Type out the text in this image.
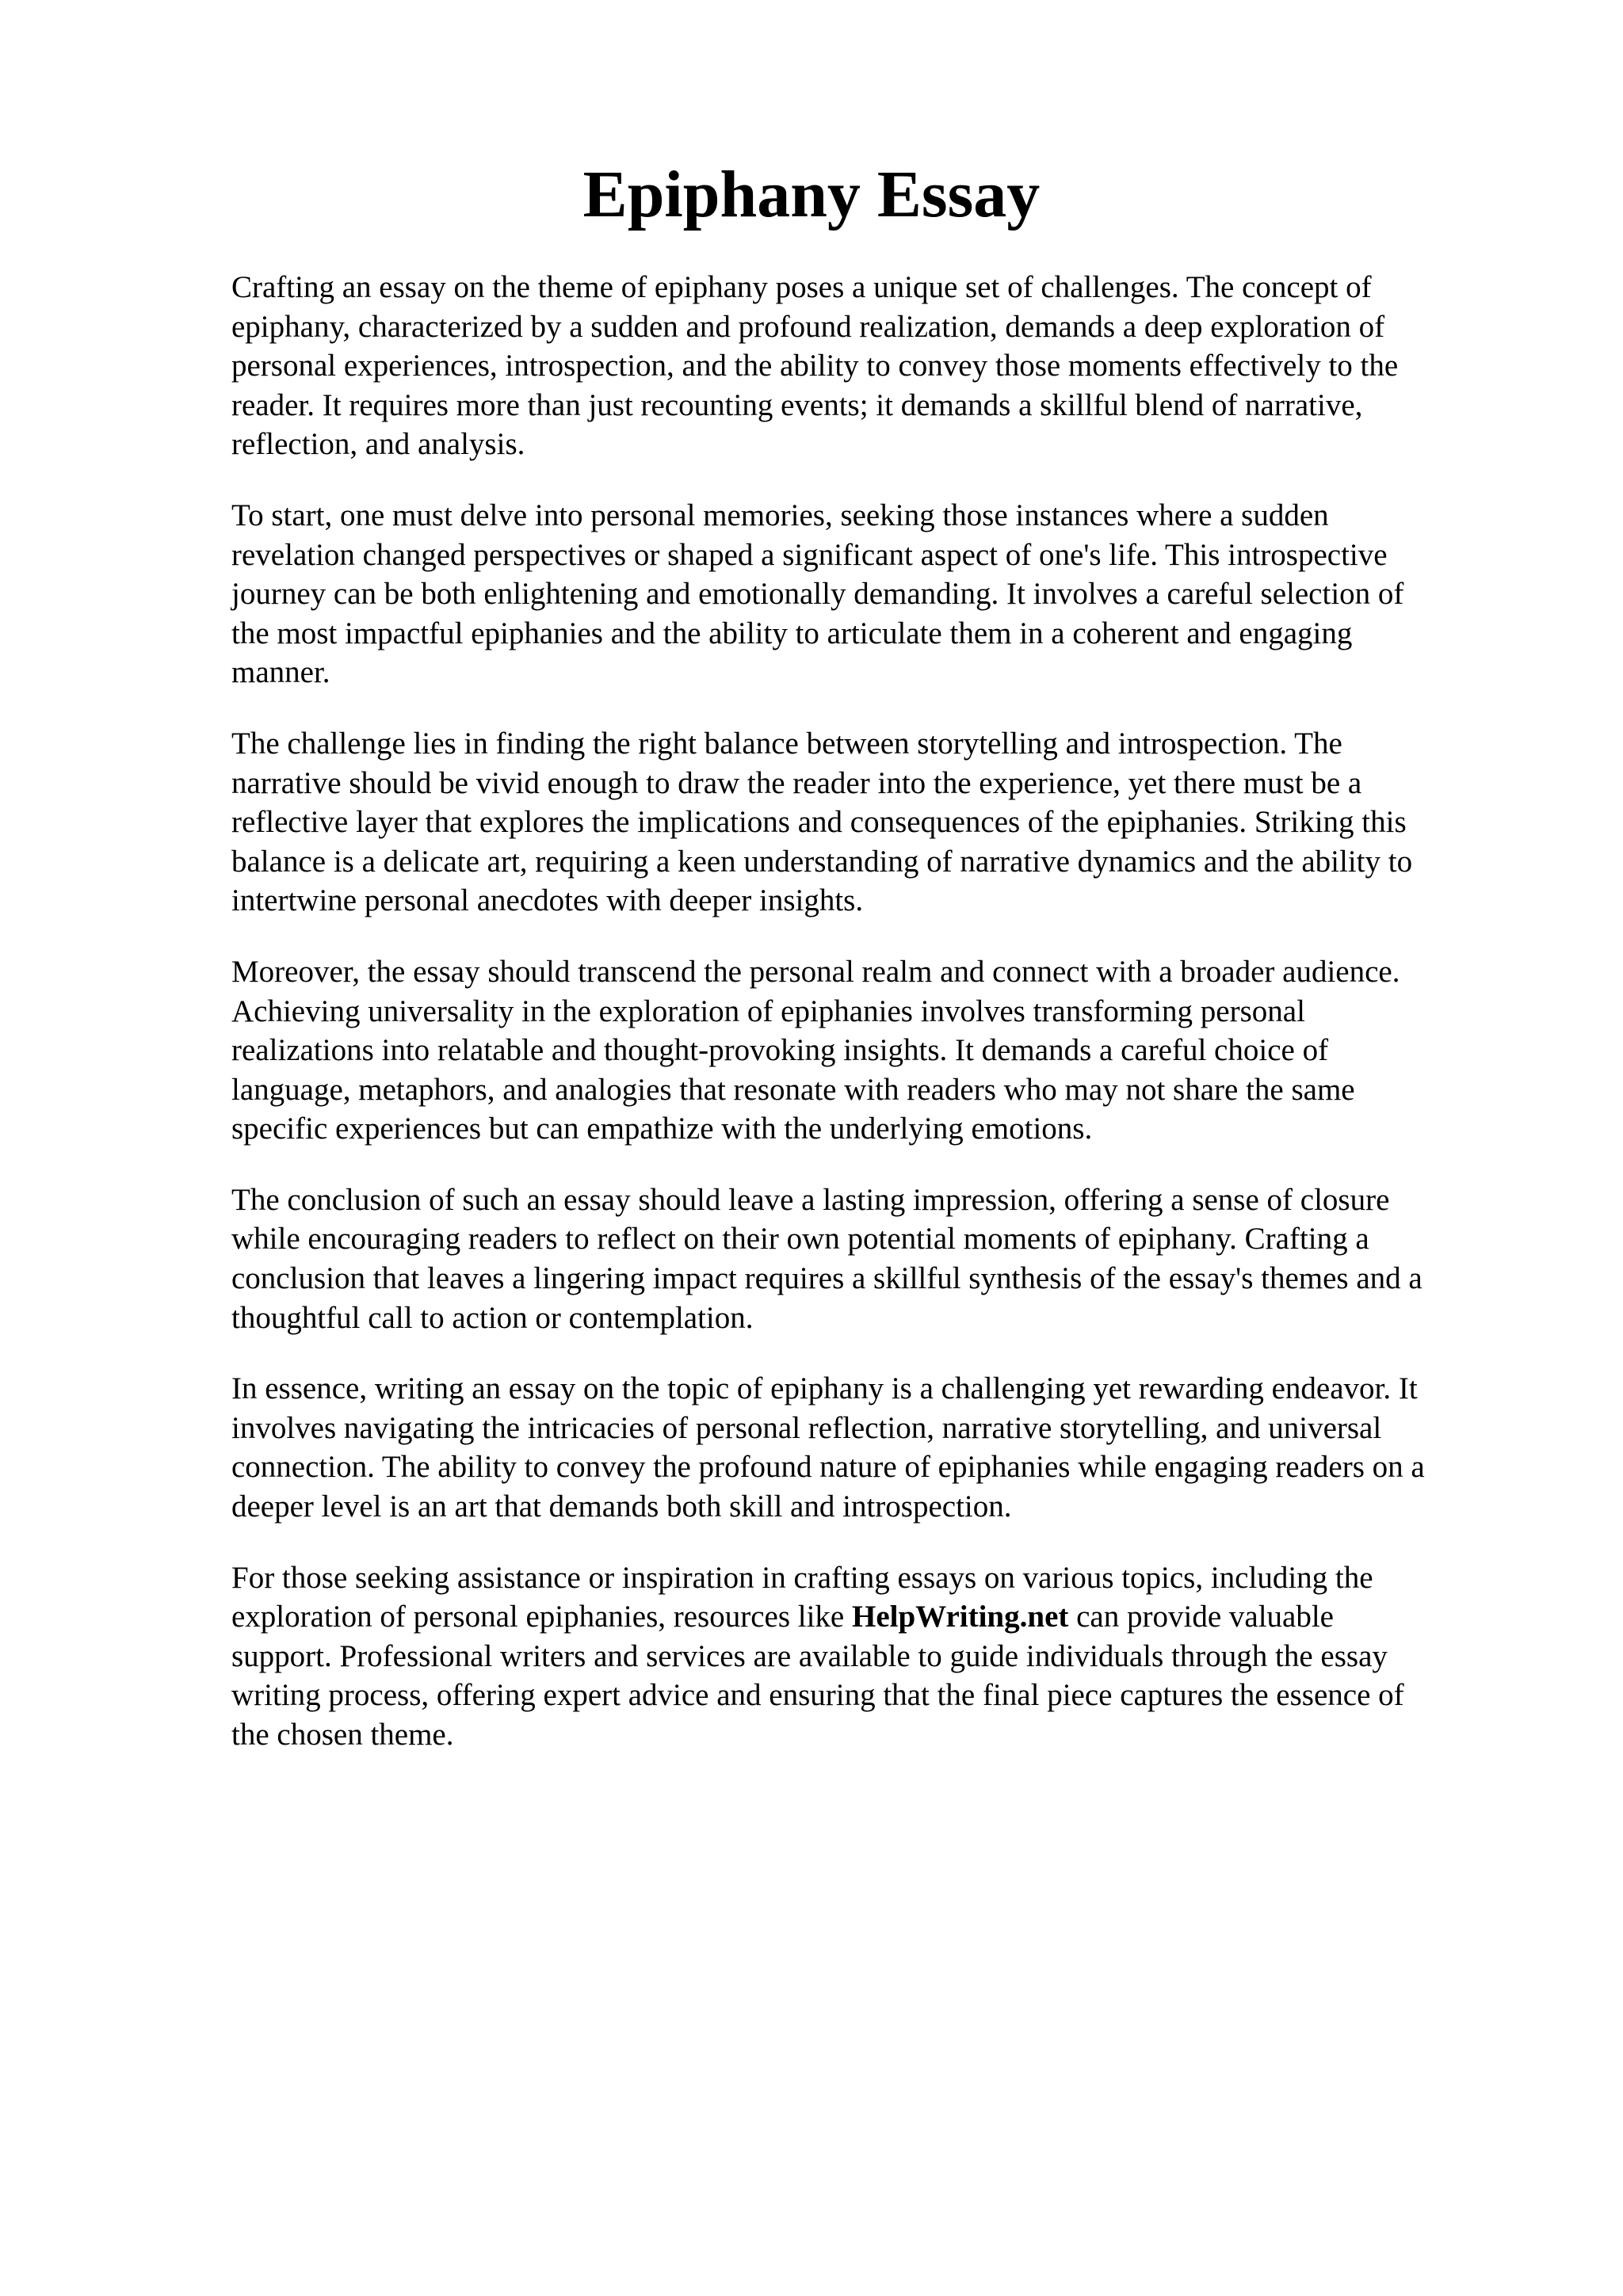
Epiphany Essay

Crafting an essay on the theme of epiphany poses a unique set of challenges. The concept of
epiphany, characterized by a sudden and profound realization, demands a deep exploration of
personal experiences, introspection, and the ability to convey those moments effectively to the
reader. It requires more than just recounting events; it demands a skillful blend of narrative,
reflection, and analysis.

To start, one must delve into personal memories, seeking those instances where a sudden
revelation changed perspectives or shaped a significant aspect of one's life. This introspective
journey can be both enlightening and emotionally demanding. It involves a careful selection of
the most impactful epiphanies and the ability to articulate them in a coherent and engaging
manner.

The challenge lies in finding the right balance between storytelling and introspection. The
narrative should be vivid enough to draw the reader into the experience, yet there must be a
reflective layer that explores the implications and consequences of the epiphanies. Striking this
balance is a delicate art, requiring a keen understanding of narrative dynamics and the ability to
intertwine personal anecdotes with deeper insights.

Moreover, the essay should transcend the personal realm and connect with a broader audience.
Achieving universality in the exploration of epiphanies involves transforming personal
realizations into relatable and thought-provoking insights. It demands a careful choice of
language, metaphors, and analogies that resonate with readers who may not share the same
specific experiences but can empathize with the underlying emotions.

The conclusion of such an essay should leave a lasting impression, offering a sense of closure
while encouraging readers to reflect on their own potential moments of epiphany. Crafting a
conclusion that leaves a lingering impact requires a skillful synthesis of the essay's themes and a
thoughtful call to action or contemplation.

In essence, writing an essay on the topic of epiphany is a challenging yet rewarding endeavor. It
involves navigating the intricacies of personal reflection, narrative storytelling, and universal
connection. The ability to convey the profound nature of epiphanies while engaging readers on a
deeper level is an art that demands both skill and introspection.

For those seeking assistance or inspiration in crafting essays on various topics, including the
exploration of personal epiphanies, resources like HelpWriting.net can provide valuable
support. Professional writers and services are available to guide individuals through the essay
writing process, offering expert advice and ensuring that the final piece captures the essence of
the chosen theme.
